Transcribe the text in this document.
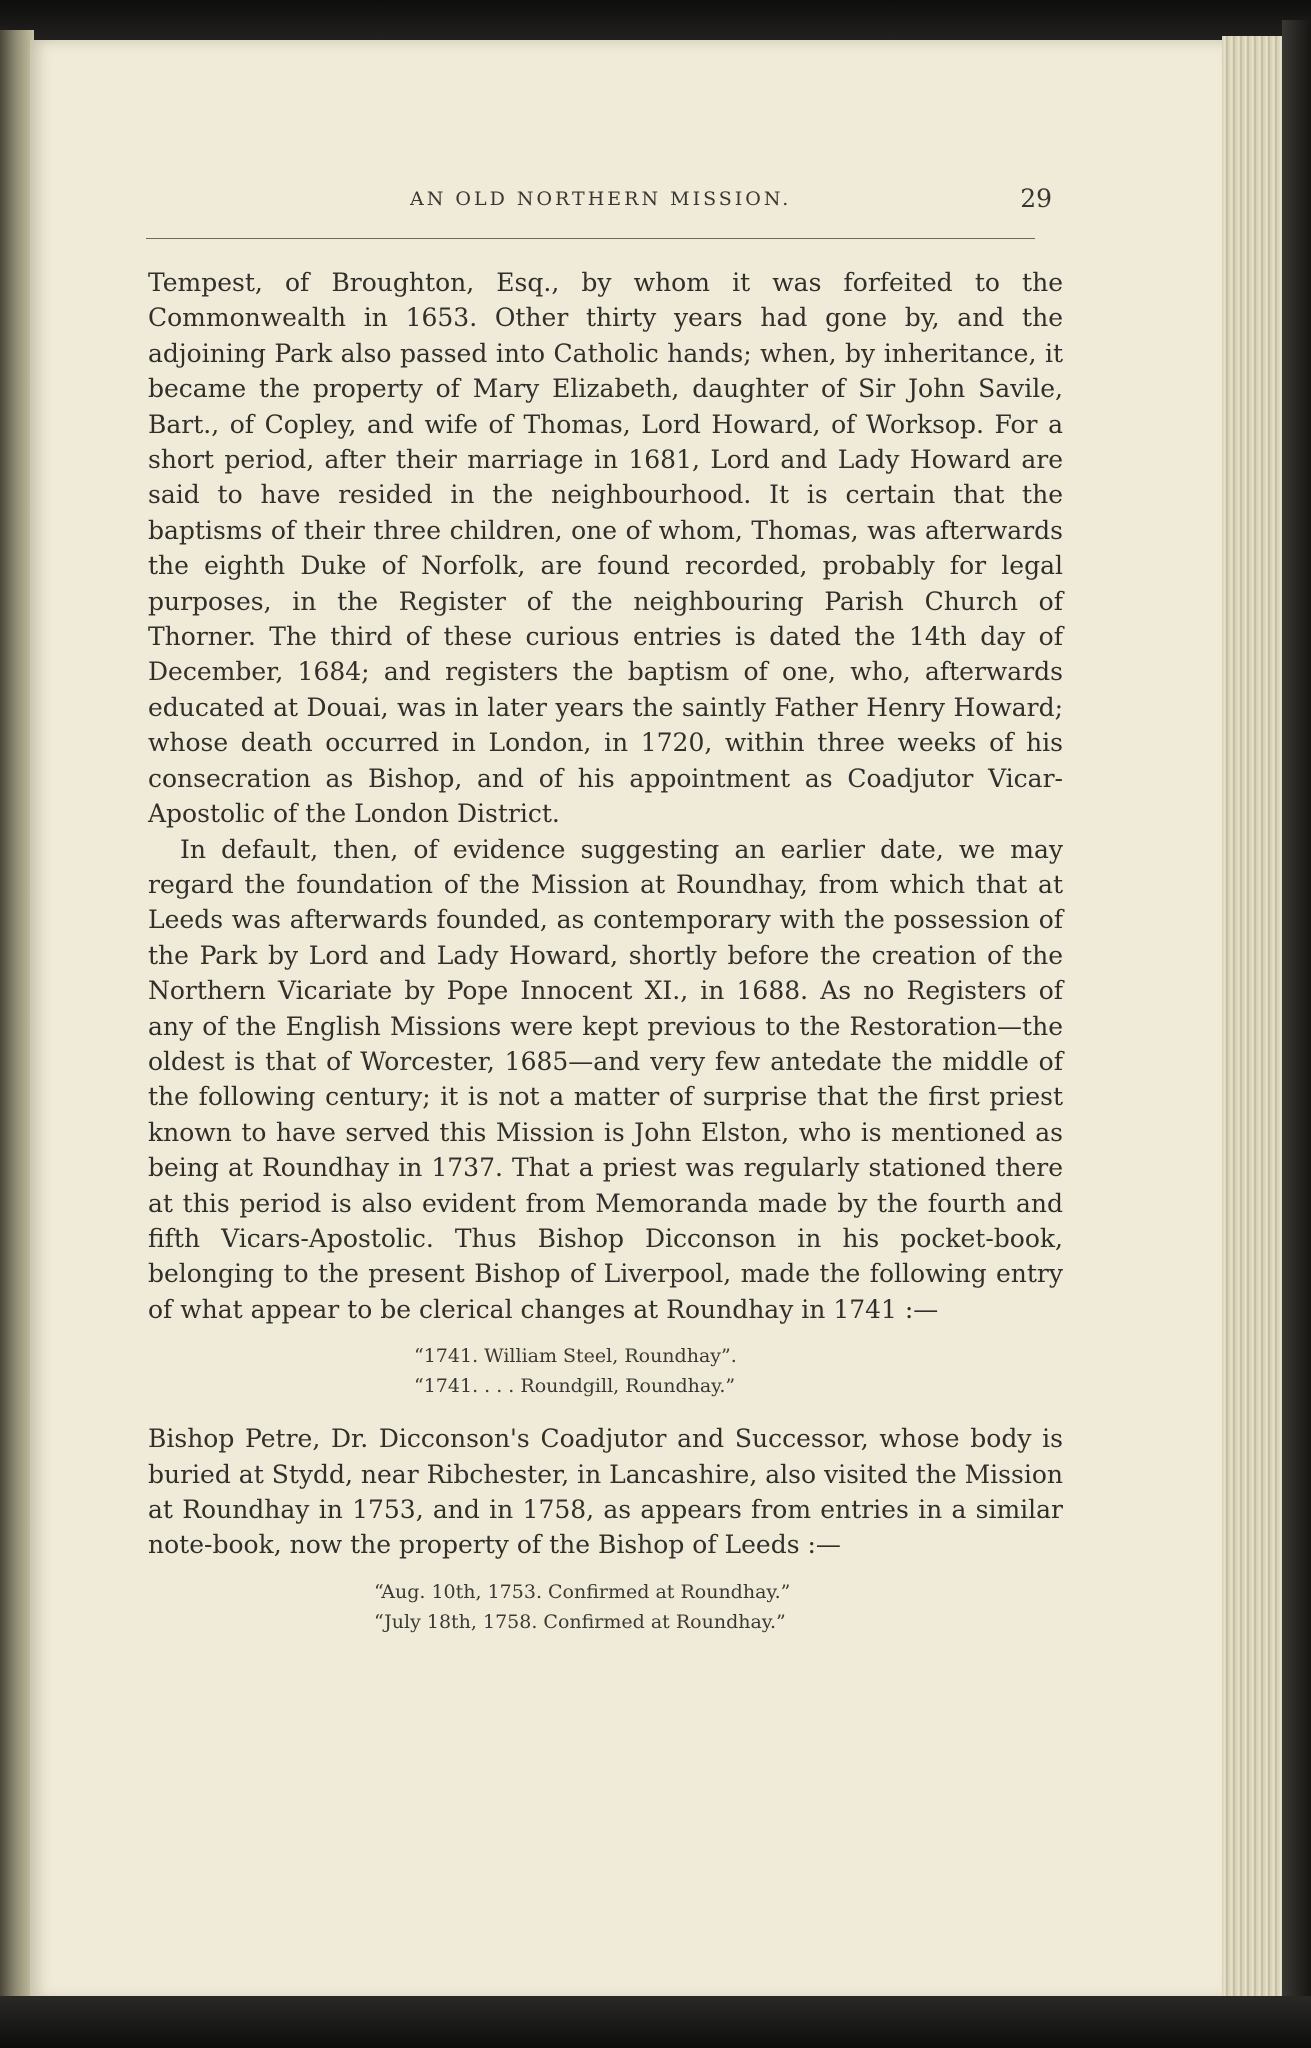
AN OLD NORTHERN MISSION.	29

Tempest, of Broughton, Esq., by whom it was forfeited to the Commonwealth in 1653. Other thirty years had gone by, and the adjoining Park also passed into Catholic hands; when, by inheritance, it became the property of Mary Elizabeth, daughter of Sir John Savile, Bart., of Copley, and wife of Thomas, Lord Howard, of Worksop. For a short period, after their marriage in 1681, Lord and Lady Howard are said to have resided in the neighbourhood. It is certain that the baptisms of their three children, one of whom, Thomas, was afterwards the eighth Duke of Norfolk, are found recorded, probably for legal purposes, in the Register of the neighbouring Parish Church of Thorner. The third of these curious entries is dated the 14th day of December, 1684; and registers the baptism of one, who, afterwards educated at Douai, was in later years the saintly Father Henry Howard; whose death occurred in London, in 1720, within three weeks of his consecration as Bishop, and of his appointment as Coadjutor Vicar-Apostolic of the London District.

In default, then, of evidence suggesting an earlier date, we may regard the foundation of the Mission at Roundhay, from which that at Leeds was afterwards founded, as contemporary with the possession of the Park by Lord and Lady Howard, shortly before the creation of the Northern Vicariate by Pope Innocent XI., in 1688. As no Registers of any of the English Missions were kept previous to the Restoration—the oldest is that of Worcester, 1685—and very few antedate the middle of the following century; it is not a matter of surprise that the first priest known to have served this Mission is John Elston, who is mentioned as being at Roundhay in 1737. That a priest was regularly stationed there at this period is also evident from Memoranda made by the fourth and fifth Vicars-Apostolic. Thus Bishop Dicconson in his pocket-book, belonging to the present Bishop of Liverpool, made the following entry of what appear to be clerical changes at Roundhay in 1741 :—

“1741. William Steel, Roundhay”.
“1741. . . . Roundgill, Roundhay.”

Bishop Petre, Dr. Dicconson's Coadjutor and Successor, whose body is buried at Stydd, near Ribchester, in Lancashire, also visited the Mission at Roundhay in 1753, and in 1758, as appears from entries in a similar note-book, now the property of the Bishop of Leeds :—

“Aug. 10th, 1753. Confirmed at Roundhay.”
“July 18th, 1758. Confirmed at Roundhay.”
